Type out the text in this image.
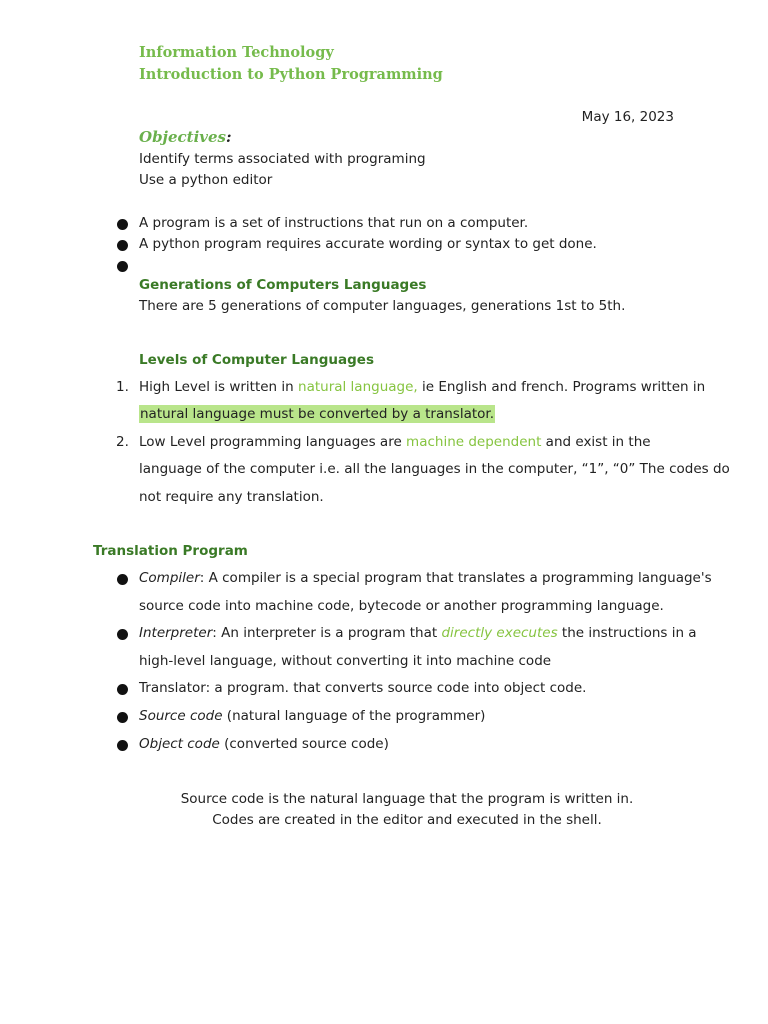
Information Technology
Introduction to Python Programming
May 16, 2023
Objectives:
Identify terms associated with programing
Use a python editor
A program is a set of instructions that run on a computer.
A python program requires accurate wording or syntax to get done.
Generations of Computers Languages
There are 5 generations of computer languages, generations 1st to 5th.
Levels of Computer Languages
1. High Level is written in natural language, ie English and french. Programs written in
natural language must be converted by a translator.
2. Low Level programming languages are machine dependent and exist in the
language of the computer i.e. all the languages in the computer, “1”, “0” The codes do
not require any translation.
Translation Program
Compiler: A compiler is a special program that translates a programming language's
source code into machine code, bytecode or another programming language.
Interpreter: An interpreter is a program that directly executes the instructions in a
high-level language, without converting it into machine code
Translator: a program. that converts source code into object code.
Source code (natural language of the programmer)
Object code (converted source code)
Source code is the natural language that the program is written in.
Codes are created in the editor and executed in the shell.
